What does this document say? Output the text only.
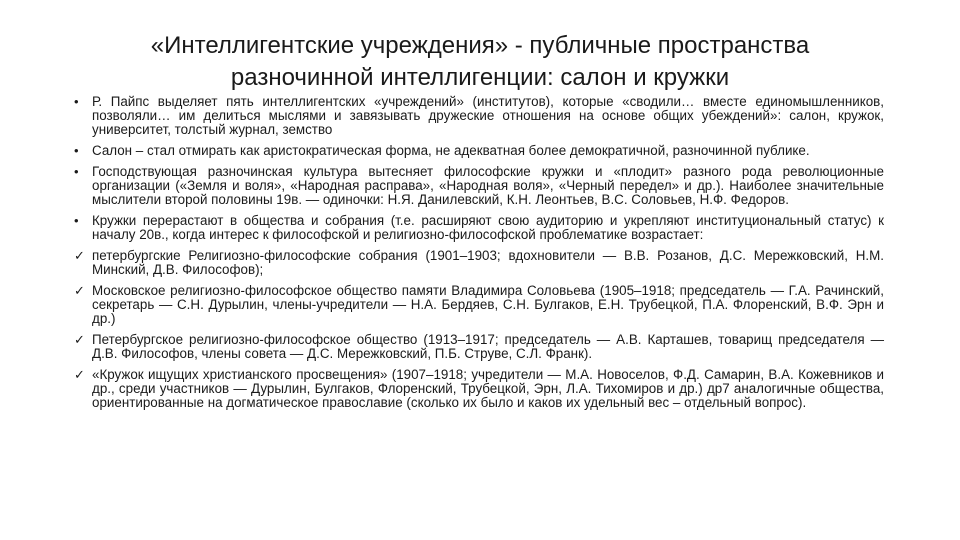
«Интеллигентские учреждения» - публичные пространства
разночинной интеллигенции: салон и кружки
•	Р. Пайпс выделяет пять интеллигентских «учреждений» (институтов), которые «сводили… вместе единомышленников, позволяли… им делиться мыслями и завязывать дружеские отношения на основе общих убеждений»: салон, кружок, университет, толстый журнал, земство
•	Салон – стал отмирать как аристократическая форма, не адекватная более демократичной, разночинной публике.
•	Господствующая разночинская культура вытесняет философские кружки и «плодит» разного рода революционные организации («Земля и воля», «Народная расправа», «Народная воля», «Черный передел» и др.). Наиболее значительные мыслители второй половины 19в. — одиночки: Н.Я. Данилевский, К.Н. Леонтьев, В.С. Соловьев, Н.Ф. Федоров.
•	Кружки перерастают в общества и собрания (т.е. расширяют свою аудиторию и укрепляют институциональный статус) к началу 20в., когда интерес к философской и религиозно-философской проблематике возрастает:
✓ петербургские Религиозно-философские собрания (1901–1903; вдохновители — В.В. Розанов, Д.С. Мережковский, Н.М. Минский, Д.В. Философов);
✓ Московское религиозно-философское общество памяти Владимира Соловьева (1905–1918; председатель — Г.А. Рачинский, секретарь — С.Н. Дурылин, члены-учредители — Н.А. Бердяев, С.Н. Булгаков, Е.Н. Трубецкой, П.А. Флоренский, В.Ф. Эрн и др.)
✓ Петербургское религиозно-философское общество (1913–1917; председатель — А.В. Карташев, товарищ председателя — Д.В. Философов, члены совета — Д.С. Мережковский, П.Б. Струве, С.Л. Франк).
✓ «Кружок ищущих христианского просвещения» (1907–1918; учредители — М.А. Новоселов, Ф.Д. Самарин, В.А. Кожевников и др., среди участников — Дурылин, Булгаков, Флоренский, Трубецкой, Эрн, Л.А. Тихомиров и др.) др7 аналогичные общества, ориентированные на догматическое православие (сколько их было и каков их удельный вес – отдельный вопрос).
